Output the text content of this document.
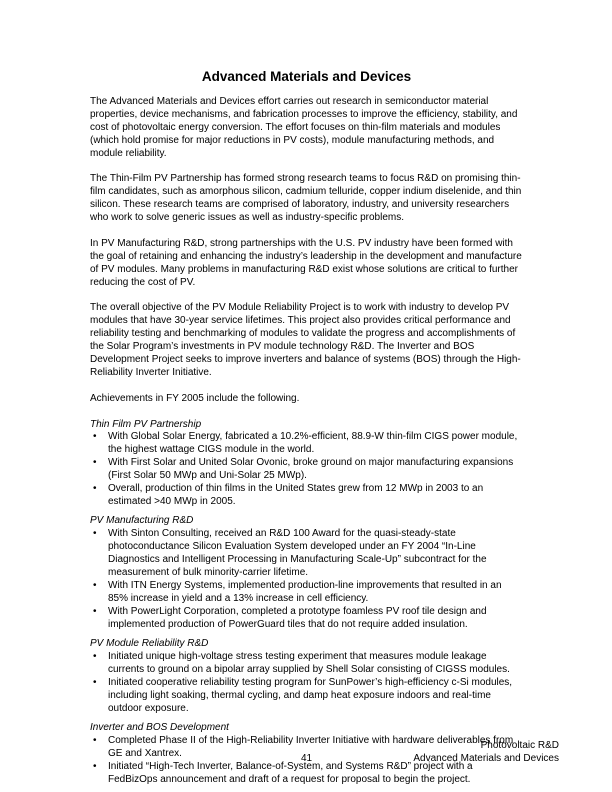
Advanced Materials and Devices

The Advanced Materials and Devices effort carries out research in semiconductor material properties, device mechanisms, and fabrication processes to improve the efficiency, stability, and cost of photovoltaic energy conversion. The effort focuses on thin-film materials and modules (which hold promise for major reductions in PV costs), module manufacturing methods, and module reliability.

The Thin-Film PV Partnership has formed strong research teams to focus R&D on promising thin-film candidates, such as amorphous silicon, cadmium telluride, copper indium diselenide, and thin silicon. These research teams are comprised of laboratory, industry, and university researchers who work to solve generic issues as well as industry-specific problems.

In PV Manufacturing R&D, strong partnerships with the U.S. PV industry have been formed with the goal of retaining and enhancing the industry’s leadership in the development and manufacture of PV modules. Many problems in manufacturing R&D exist whose solutions are critical to further reducing the cost of PV.

The overall objective of the PV Module Reliability Project is to work with industry to develop PV modules that have 30-year service lifetimes. This project also provides critical performance and reliability testing and benchmarking of modules to validate the progress and accomplishments of the Solar Program’s investments in PV module technology R&D. The Inverter and BOS Development Project seeks to improve inverters and balance of systems (BOS) through the High-Reliability Inverter Initiative.

Achievements in FY 2005 include the following.

Thin Film PV Partnership
• With Global Solar Energy, fabricated a 10.2%-efficient, 88.9-W thin-film CIGS power module, the highest wattage CIGS module in the world.
• With First Solar and United Solar Ovonic, broke ground on major manufacturing expansions (First Solar 50 MWp and Uni-Solar 25 MWp).
• Overall, production of thin films in the United States grew from 12 MWp in 2003 to an estimated >40 MWp in 2005.
PV Manufacturing R&D
• With Sinton Consulting, received an R&D 100 Award for the quasi-steady-state photoconductance Silicon Evaluation System developed under an FY 2004 “In-Line Diagnostics and Intelligent Processing in Manufacturing Scale-Up” subcontract for the measurement of bulk minority-carrier lifetime.
• With ITN Energy Systems, implemented production-line improvements that resulted in an 85% increase in yield and a 13% increase in cell efficiency.
• With PowerLight Corporation, completed a prototype foamless PV roof tile design and implemented production of PowerGuard tiles that do not require added insulation.
PV Module Reliability R&D
• Initiated unique high-voltage stress testing experiment that measures module leakage currents to ground on a bipolar array supplied by Shell Solar consisting of CIGSS modules.
• Initiated cooperative reliability testing program for SunPower’s high-efficiency c-Si modules, including light soaking, thermal cycling, and damp heat exposure indoors and real-time outdoor exposure.
Inverter and BOS Development
• Completed Phase II of the High-Reliability Inverter Initiative with hardware deliverables from GE and Xantrex.
• Initiated “High-Tech Inverter, Balance-of-System, and Systems R&D” project with a FedBizOps announcement and draft of a request for proposal to begin the project.
Photovoltaic R&D
Advanced Materials and Devices
41
